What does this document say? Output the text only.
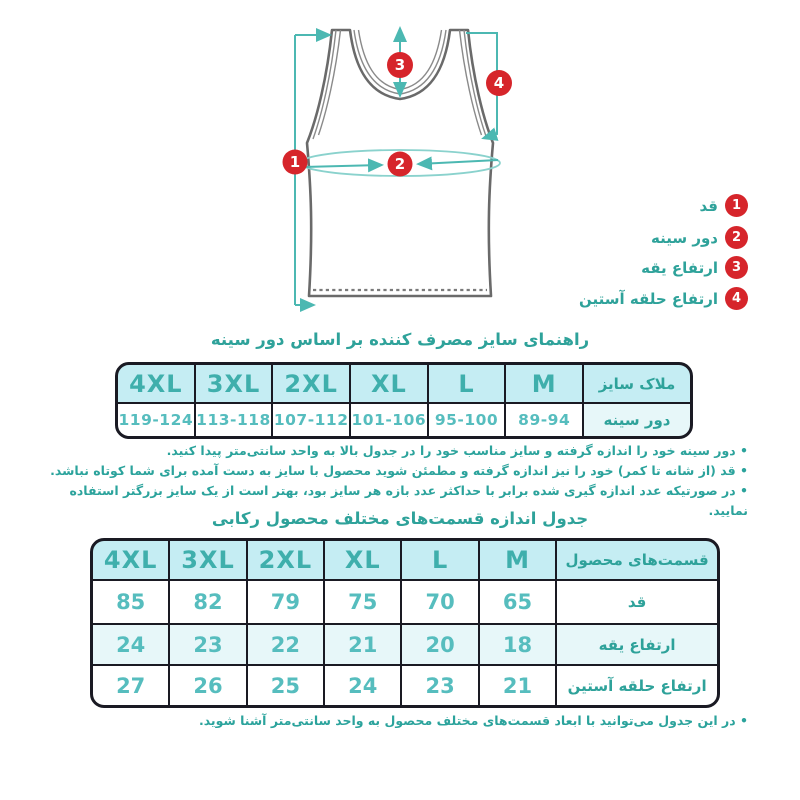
1	2
3
4
قد	1
دور سینه	2
ارتفاع یقه	3
ارتفاع حلقه آستین	4
راهنمای سایز مصرف کننده بر اساس دور سینه
4XL 3XL 2XL XL L M	ملاک سایز
119-124 113-118 107-112 101-106 95-100 89-94 دور سینه
• دور سینه خود را اندازه گرفته و سایز مناسب خود را در جدول بالا به واحد سانتی‌متر پیدا کنید.
• قد (از شانه تا کمر) خود را نیز اندازه گرفته و مطمئن شوید محصول با سایز به دست آمده برای شما کوتاه نباشد.
• در صورتیکه عدد اندازه گیری شده برابر با حداکثر عدد بازه هر سایز بود، بهتر است از یک سایز بزرگتر استفاده نمایید.
جدول اندازه قسمت‌های مختلف محصول رکابی
4XL 3XL 2XL XL L M قسمت‌های محصول
85 82 79 75 70 65	قد
24 23 22 21 20 18	ارتفاع یقه
27 26 25 24 23 21 ارتفاع حلقه آستین
• در این جدول می‌توانید با ابعاد قسمت‌های مختلف محصول به واحد سانتی‌متر آشنا شوید.
